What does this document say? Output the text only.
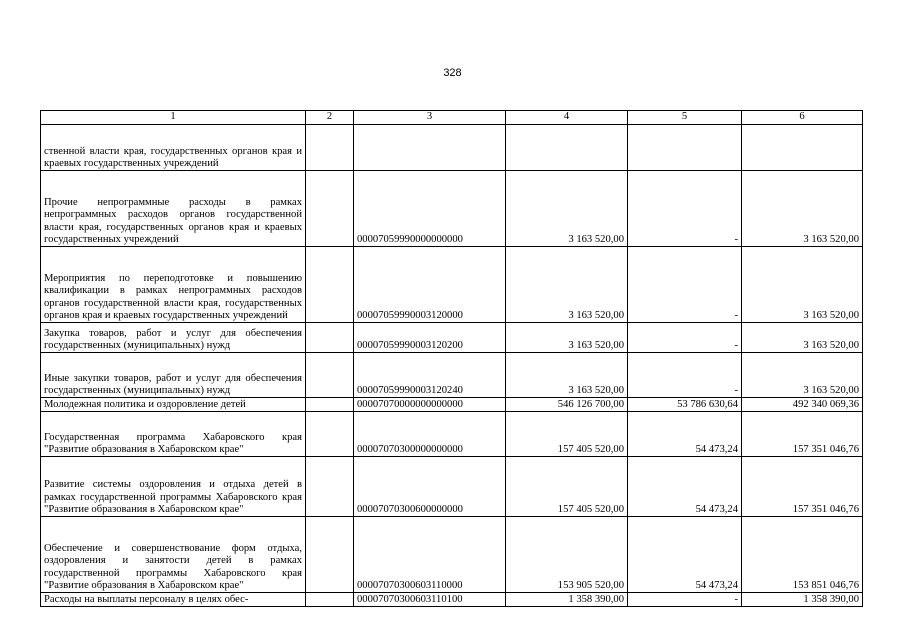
328
1	2	3	4	5	6
ственной власти края, государственных органов края и краевых государственных учреждений					
Прочие непрограммные расходы в рамках непрограммных расходов органов государственной власти края, государственных органов края и краевых государственных учреждений		00007059990000000000	3 163 520,00	-	3 163 520,00
Мероприятия по переподготовке и повышению квалификации в рамках непрограммных расходов органов государственной власти края, государственных органов края и краевых государственных учреждений		00007059990003120000	3 163 520,00	-	3 163 520,00
Закупка товаров, работ и услуг для обеспечения государственных (муниципальных) нужд		00007059990003120200	3 163 520,00	-	3 163 520,00
Иные закупки товаров, работ и услуг для обеспечения государственных (муниципальных) нужд		00007059990003120240	3 163 520,00	-	3 163 520,00
Молодежная политика и оздоровление детей		00007070000000000000	546 126 700,00	53 786 630,64	492 340 069,36
Государственная программа Хабаровского края "Развитие образования в Хабаровском крае"		00007070300000000000	157 405 520,00	54 473,24	157 351 046,76
Развитие системы оздоровления и отдыха детей в рамках государственной программы Хабаровского края "Развитие образования в Хабаровском крае"		00007070300600000000	157 405 520,00	54 473,24	157 351 046,76
Обеспечение и совершенствование форм отдыха, оздоровления и занятости детей в рамках государственной программы Хабаровского края "Развитие образования в Хабаровском крае"		00007070300603110000	153 905 520,00	54 473,24	153 851 046,76
Расходы на выплаты персоналу в целях обес-		00007070300603110100	1 358 390,00	-	1 358 390,00
